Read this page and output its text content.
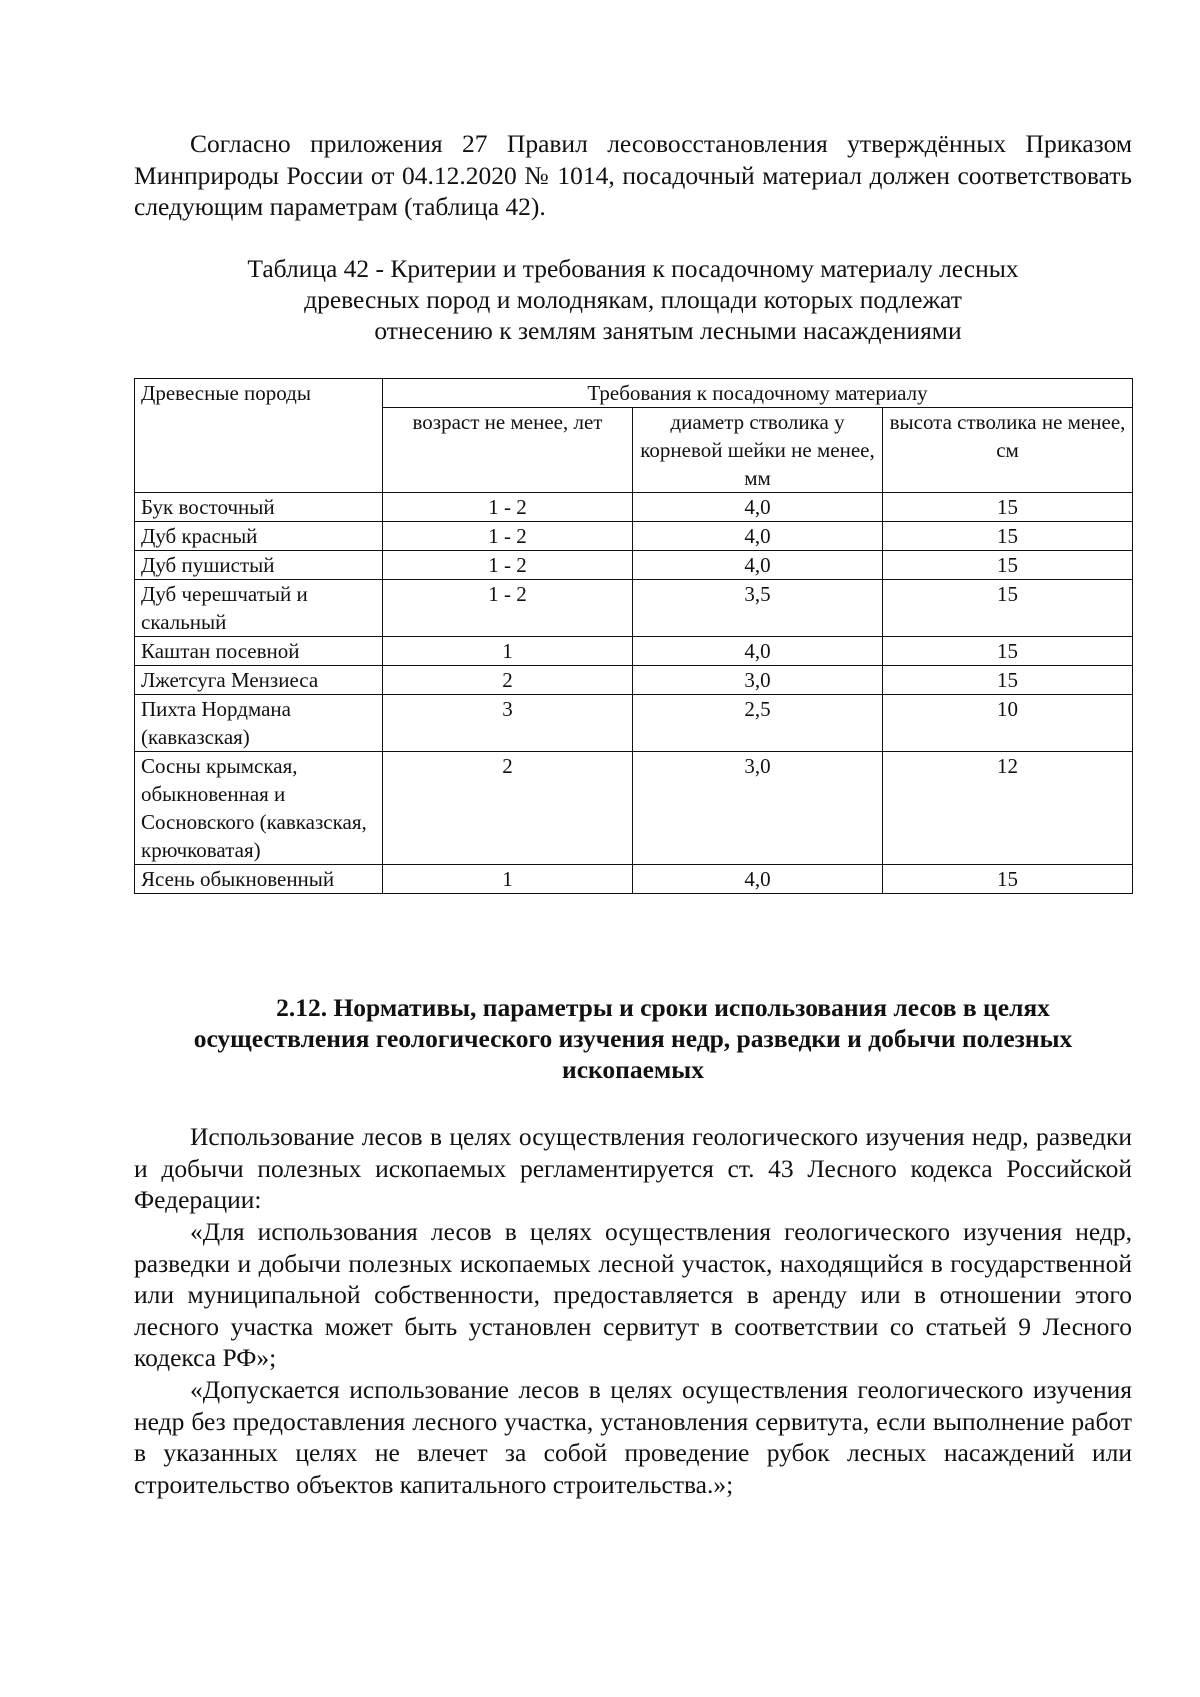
Согласно приложения 27 Правил лесовосстановления утверждённых Приказом Минприроды России от 04.12.2020 № 1014, посадочный материал должен соответствовать следующим параметрам (таблица 42).

Таблица 42 - Критерии и требования к посадочному материалу лесных
древесных пород и молоднякам, площади которых подлежат
отнесению к землям занятым лесными насаждениями
Древесные породы	Требования к посадочному материалу		
	возраст не менее, лет	диаметр стволика у корневой шейки не менее, мм	высота стволика не менее, см
Бук восточный	1 - 2	4,0	15
Дуб красный	1 - 2	4,0	15
Дуб пушистый	1 - 2	4,0	15
Дуб черешчатый и скальный	1 - 2	3,5	15
Каштан посевной	1	4,0	15
Лжетсуга Мензиеса	2	3,0	15
Пихта Нордмана (кавказская)	3	2,5	10
Сосны крымская, обыкновенная и Сосновского (кавказская, крючковатая)	2	3,0	12
Ясень обыкновенный	1	4,0	15
2.12. Нормативы, параметры и сроки использования лесов в целях
осуществления геологического изучения недр, разведки и добычи полезных
ископаемых

Использование лесов в целях осуществления геологического изучения недр, разведки и добычи полезных ископаемых регламентируется ст. 43 Лесного кодекса Российской Федерации:

«Для использования лесов в целях осуществления геологического изучения недр, разведки и добычи полезных ископаемых лесной участок, находящийся в государственной или муниципальной собственности, предоставляется в аренду или в отношении этого лесного участка может быть установлен сервитут в соответствии со статьей 9 Лесного кодекса РФ»;

«Допускается использование лесов в целях осуществления геологического изучения недр без предоставления лесного участка, установления сервитута, если выполнение работ в указанных целях не влечет за собой проведение рубок лесных насаждений или строительство объектов капитального строительства.»;
